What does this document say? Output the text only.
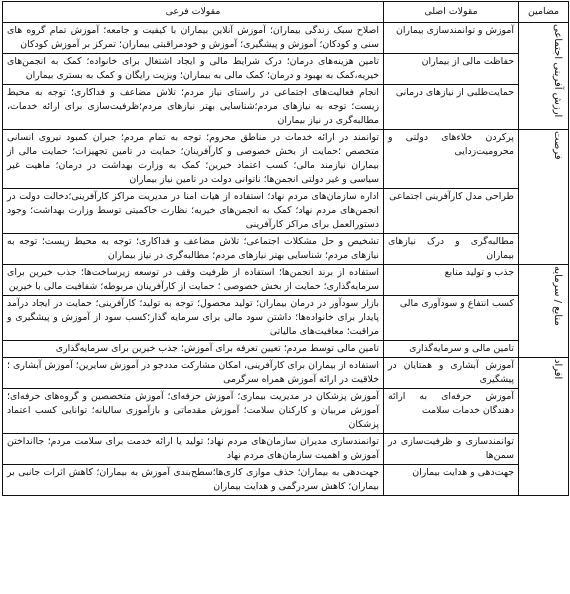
مضامین	مقولات اصلی	مقولات فرعی
ارزش آفرینی اجتماعی	آموزش و توانمندسازی بیماران	اصلاح سبک زندگی بیماران؛ آموزش آنلاین بیماران با کیفیت و جامعه؛ آموزش تمام گروه های سنی و کودکان؛ آموزش و پیشگیری؛ آموزش و خودمراقبتی بیماران؛ تمرکز بر آموزش کودکان
	حفاظت مالی از بیماران	تامین هزینه‌های درمان؛ درک شرایط مالی و ایجاد اشتغال برای خانواده؛ کمک به انجمن‌های خیریه،کمک به بهبود و درمان؛ کمک مالی به بیماران؛ ویزیت رایگان و کمک به بستری بیماران
	حمایت‌طلبی از نیازهای درمانی	انجام فعالیت‌های اجتماعی در راستای نیاز مردم؛ تلاش مضاعف و فداکاری؛ توجه به محیط زیست؛ توجه به نیازهای مردم؛شناسایی بهتر نیازهای مردم؛ظرفیت‌سازی برای ارائه خدمات، مطالبه‌گری در نیاز بیماران
فرصت	پرکردن خلاءهای دولتی و محرومیت‌زدایی	توانمند در ارائه خدمات در مناطق محروم؛ توجه به تمام مردم؛ جبران کمبود نیروی انسانی متخصص ؛حمایت از بخش خصوصی و کارآفرینان؛ حمایت در تامین تجهیزات؛ حمایت مالی از بیماران نیازمند مالی؛ کسب اعتماد خیرین؛ کمک به وزارت بهداشت در درمان؛ ماهیت غیر سیاسی و غیر دولتی انجمن‌ها؛ ناتوانی دولت در تامین نیاز بیماران
	طراحی مدل کارآفرینی اجتماعی	اداره سازمان‌های مردم نهاد؛ استفاده از هیات امنا در مدیریت مراکز کارآفرینی؛دخالت دولت در انجمن‌های مردم نهاد؛ کمک به انجمن‌های خیریه؛ نظارت حاکمیتی توسط وزارت بهداشت؛ وجود دستورالعمل برای مراکز کارآفرینی
	مطالبه‌گری و درک نیازهای بیماران	تشخیص و حل مشکلات اجتماعی؛ تلاش مضاعف و فداکاری؛ توجه به محیط زیست؛ توجه به نیازهای مردم؛ شناسایی بهتر نیازهای مردم؛ مطالبه‌گری در نیاز بیماران
منابع / سرمایه	جذب و تولید منابع	استفاده از برند انجمن‌ها؛ استفاده از ظرفیت وقف در توسعه زیرساخت‌ها؛ جذب خیرین برای سرمایه‌گذاری؛ حمایت از بخش خصوصی ؛ حمایت از کارآفرینان مربوطه؛ شفافیت مالی با خیرین
	کسب انتفاع و سودآوری مالی	بازار سودآور در درمان بیماران؛ تولید محصول؛ توجه به تولید؛ کارآفرینی؛ حمایت در ایجاد درآمد پایدار برای خانواده‌ها؛ داشتن سود مالی برای سرمایه گذار؛کسب سود از آموزش و پیشگیری و مراقبت؛ معافیت‌های مالیاتی
	تامین مالی و سرمایه‌گذاری	تامین مالی توسط مردم؛ تعیین تعرفه برای آموزش؛ جذب خیرین برای سرمایه‌گذاری
افراد	آموزش آبشاری و همتایان در پیشگیری	استفاده از بیماران برای کارآفرینی، امکان مشارکت مددجو در آموزش سایرین؛ آموزش آبشاری ؛ خلاقیت در ارائه آموزش همراه سرگرمی
	آموزش حرفه‌ای به ارائه دهندگان خدمات سلامت	آموزش پزشکان در مدیریت بیماری؛ آموزش حرفه‌ای؛ آموزش متخصصین و گروه‌های حرفه‌ای؛ آموزش مربیان و کارکنان سلامت؛ آموزش مقدماتی و بازآموزی سالیانه؛ توانایی کسب اعتماد پزشکان
	توانمندسازی و ظرفیت‌سازی در سمن‌ها	توانمندسازی مدیران سازمان‌های مردم نهاد؛ تولید یا ارائه خدمت برای سلامت مردم؛ جاانداختن آموزش و اهمیت سازمان‌های مردم نهاد
	جهت‌دهی و هدایت بیماران	جهت‌دهی به بیماران؛ حذف موازی کاری‌ها؛سطح‌بندی آموزش به بیماران؛ کاهش اثرات جانبی بر بیماران؛ کاهش سردرگمی و هدایت بیماران
